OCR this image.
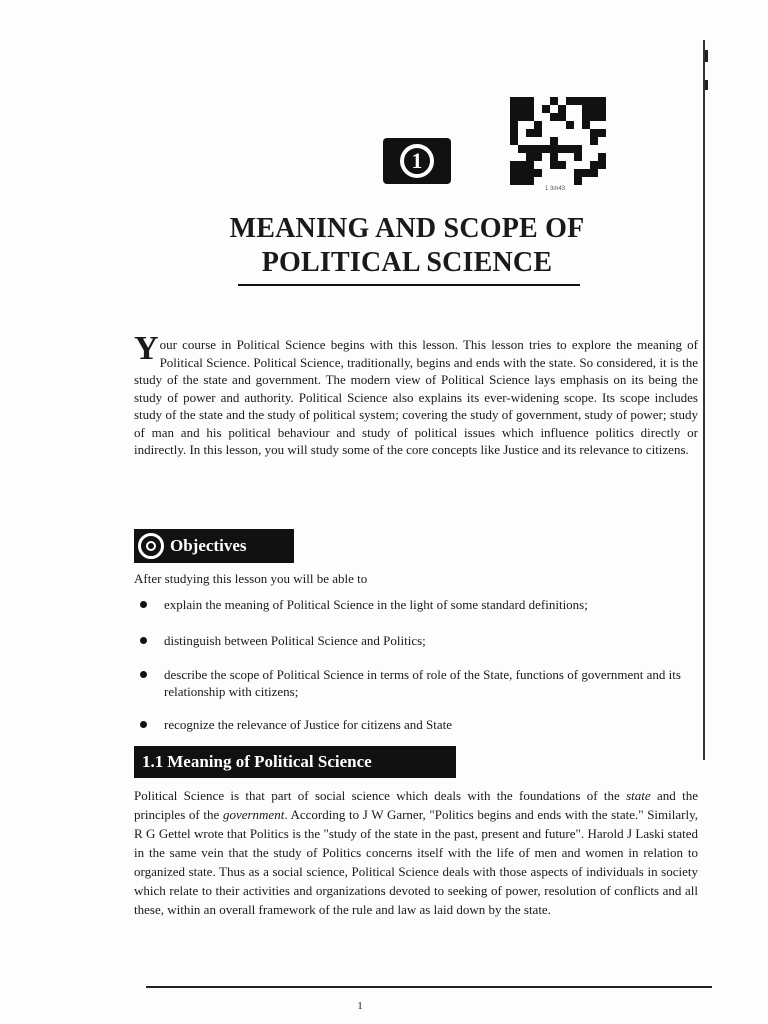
1
1 3m43
MEANING AND SCOPE OF
POLITICAL SCIENCE

Your course in Political Science begins with this lesson. This lesson tries to explore the meaning of Political Science. Political Science, traditionally, begins and ends with the state. So considered, it is the study of the state and government. The modern view of Political Science lays emphasis on its being the study of power and authority. Political Science also explains its ever-widening scope. Its scope includes study of the state and the study of political system; covering the study of government, study of power; study of man and his political behaviour and study of political issues which influence politics directly or indirectly. In this lesson, you will study some of the core concepts like Justice and its relevance to citizens.

Objectives

After studying this lesson you will be able to

explain the meaning of Political Science in the light of some standard definitions;
distinguish between Political Science and Politics;
describe the scope of Political Science in terms of role of the State, functions of government and its relationship with citizens;
recognize the relevance of Justice for citizens and State
1.1 Meaning of Political Science

Political Science is that part of social science which deals with the foundations of the state and the principles of the government. According to J W Garner, "Politics begins and ends with the state." Similarly, R G Gettel wrote that Politics is the "study of the state in the past, present and future". Harold J Laski stated in the same vein that the study of Politics concerns itself with the life of men and women in relation to organized state. Thus as a social science, Political Science deals with those aspects of individuals in society which relate to their activities and organizations devoted to seeking of power, resolution of conflicts and all these, within an overall framework of the rule and law as laid down by the state.

1
